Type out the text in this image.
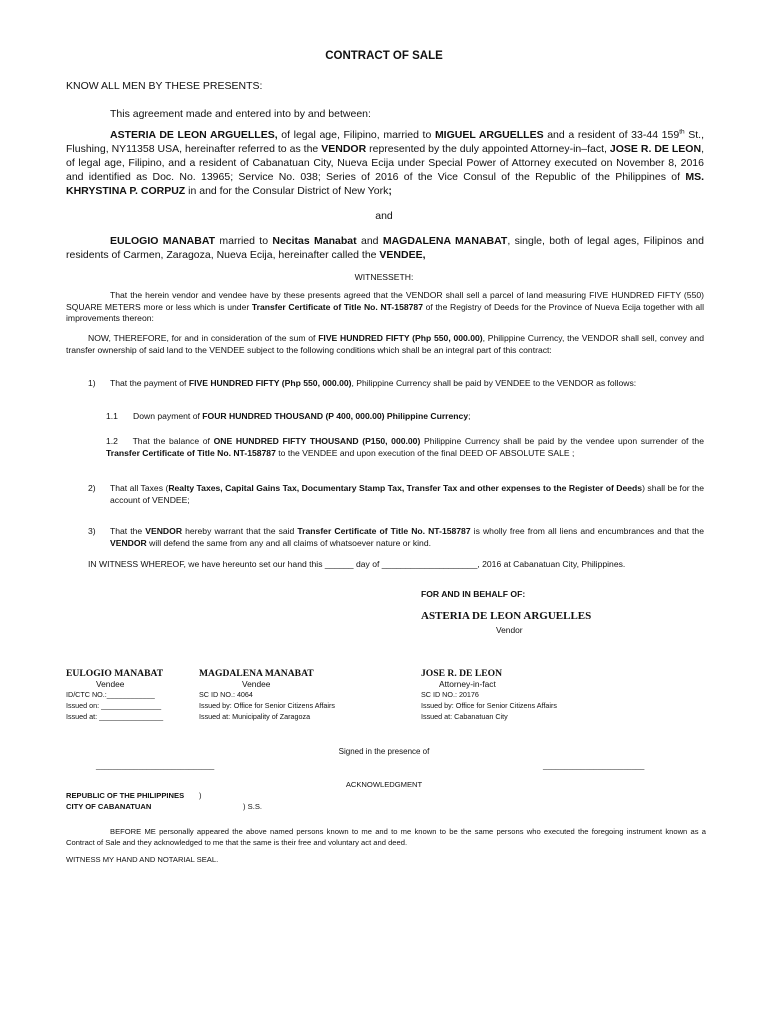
CONTRACT OF SALE
KNOW ALL MEN BY THESE PRESENTS:
This agreement made and entered into by and between:
ASTERIA DE LEON ARGUELLES, of legal age, Filipino, married to MIGUEL ARGUELLES and a resident of 33-44 159th St., Flushing, NY11358 USA, hereinafter referred to as the VENDOR represented by the duly appointed Attorney-in–fact, JOSE R. DE LEON, of legal age, Filipino, and a resident of Cabanatuan City, Nueva Ecija under Special Power of Attorney executed on November 8, 2016 and identified as Doc. No. 13965; Service No. 038; Series of 2016 of the Vice Consul of the Republic of the Philippines of MS. KHRYSTINA P. CORPUZ in and for the Consular District of New York;
and
EULOGIO MANABAT married to Necitas Manabat and MAGDALENA MANABAT, single, both of legal ages, Filipinos and residents of Carmen, Zaragoza, Nueva Ecija, hereinafter called the VENDEE,
WITNESSETH:
That the herein vendor and vendee have by these presents agreed that the VENDOR shall sell a parcel of land measuring FIVE HUNDRED FIFTY (550) SQUARE METERS more or less which is under Transfer Certificate of Title No. NT-158787 of the Registry of Deeds for the Province of Nueva Ecija together with all improvements thereon:
NOW, THEREFORE, for and in consideration of the sum of FIVE HUNDRED FIFTY (Php 550, 000.00), Philippine Currency, the VENDOR shall sell, convey and transfer ownership of said land to the VENDEE subject to the following conditions which shall be an integral part of this contract:
1) That the payment of FIVE HUNDRED FIFTY (Php 550, 000.00), Philippine Currency shall be paid by VENDEE to the VENDOR as follows:
1.1 Down payment of FOUR HUNDRED THOUSAND (P 400, 000.00) Philippine Currency;
1.2 That the balance of ONE HUNDRED FIFTY THOUSAND (P150, 000.00) Philippine Currency shall be paid by the vendee upon surrender of the Transfer Certificate of Title No. NT-158787 to the VENDEE and upon execution of the final DEED OF ABSOLUTE SALE ;
2) That all Taxes (Realty Taxes, Capital Gains Tax, Documentary Stamp Tax, Transfer Tax and other expenses to the Register of Deeds) shall be for the account of VENDEE;
3) That the VENDOR hereby warrant that the said Transfer Certificate of Title No. NT-158787 is wholly free from all liens and encumbrances and that the VENDOR will defend the same from any and all claims of whatsoever nature or kind.
IN WITNESS WHEREOF, we have hereunto set our hand this ______ day of ____________________, 2016 at Cabanatuan City, Philippines.
FOR AND IN BEHALF OF:
ASTERIA DE LEON ARGUELLES
Vendor
EULOGIO MANABAT
Vendee
ID/CTC NO.:____________
Issued on: _______________
Issued at: ________________
MAGDALENA MANABAT
Vendee
SC ID NO.: 4064
Issued by: Office for Senior Citizens Affairs
Issued at: Municipality of Zaragoza
JOSE R. DE LEON
Attorney-in-fact
SC ID NO.: 20176
Issued by: Office for Senior Citizens Affairs
Issued at: Cabanatuan City
Signed in the presence of
____________________________	________________________
ACKNOWLEDGMENT
REPUBLIC OF THE PHILIPPINES )
CITY OF CABANATUAN	) S.S.
BEFORE ME personally appeared the above named persons known to me and to me known to be the same persons who executed the foregoing instrument known as a Contract of Sale and they acknowledged to me that the same is their free and voluntary act and deed.
WITNESS MY HAND AND NOTARIAL SEAL.
